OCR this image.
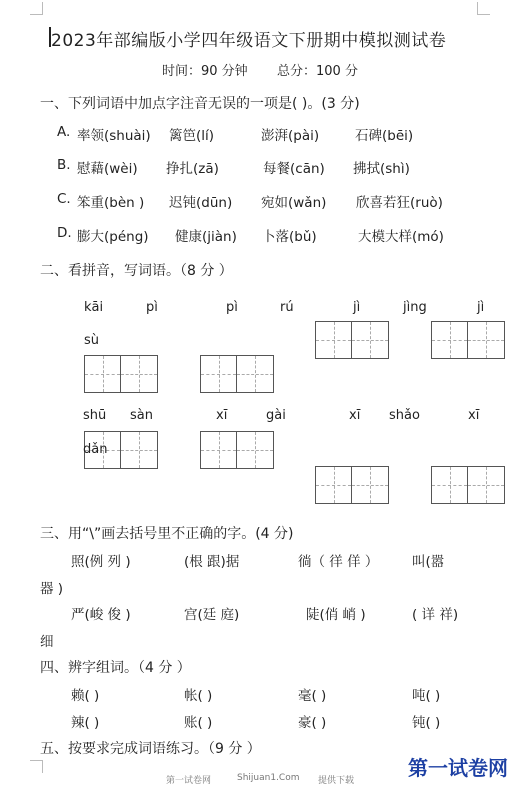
2023年部编版小学四年级语文下册期中模拟测试卷
时间：90 分钟 总分：100 分
一、下列词语中加点字注音无误的一项是( )。(3 分)
A. 率领(shuài) 篱笆(lí)	澎湃(pài)	石碑(bēi)
B. 慰藉(wèi) 挣扎(zā)	每餐(cān) 拂拭(shì)
C. 笨重(bèn ) 迟钝(dūn) 宛如(wǎn) 欣喜若狂(ruò)
D. 膨大(péng) 健康(jiàn) 卜落(bǔ)	大模大样(mó)
二、看拼音，写词语。（8 分 ）
kāi	pì	pì	rú	jì	jìng	jì
sù
shū sàn	xī	gài	xī shǎo	xī
dǎn
三、用“\”画去括号里不正确的字。(4 分)
照(例 列 )	(根 跟)据	徜（ 徉 佯 ） 叫(嚣
器 )
严(峻 俊 )	宫(廷 庭)	陡(俏 峭 )	( 详 祥)
细
四、辨字组词。（4 分 ）
赖( )	帐( )	毫( )	吨( )
辣( )	账( )	豪( )	钝( )
五、按要求完成词语练习。（9 分 ）
第一试卷网	Shijuan1.Com 提供下载
第一试卷网
